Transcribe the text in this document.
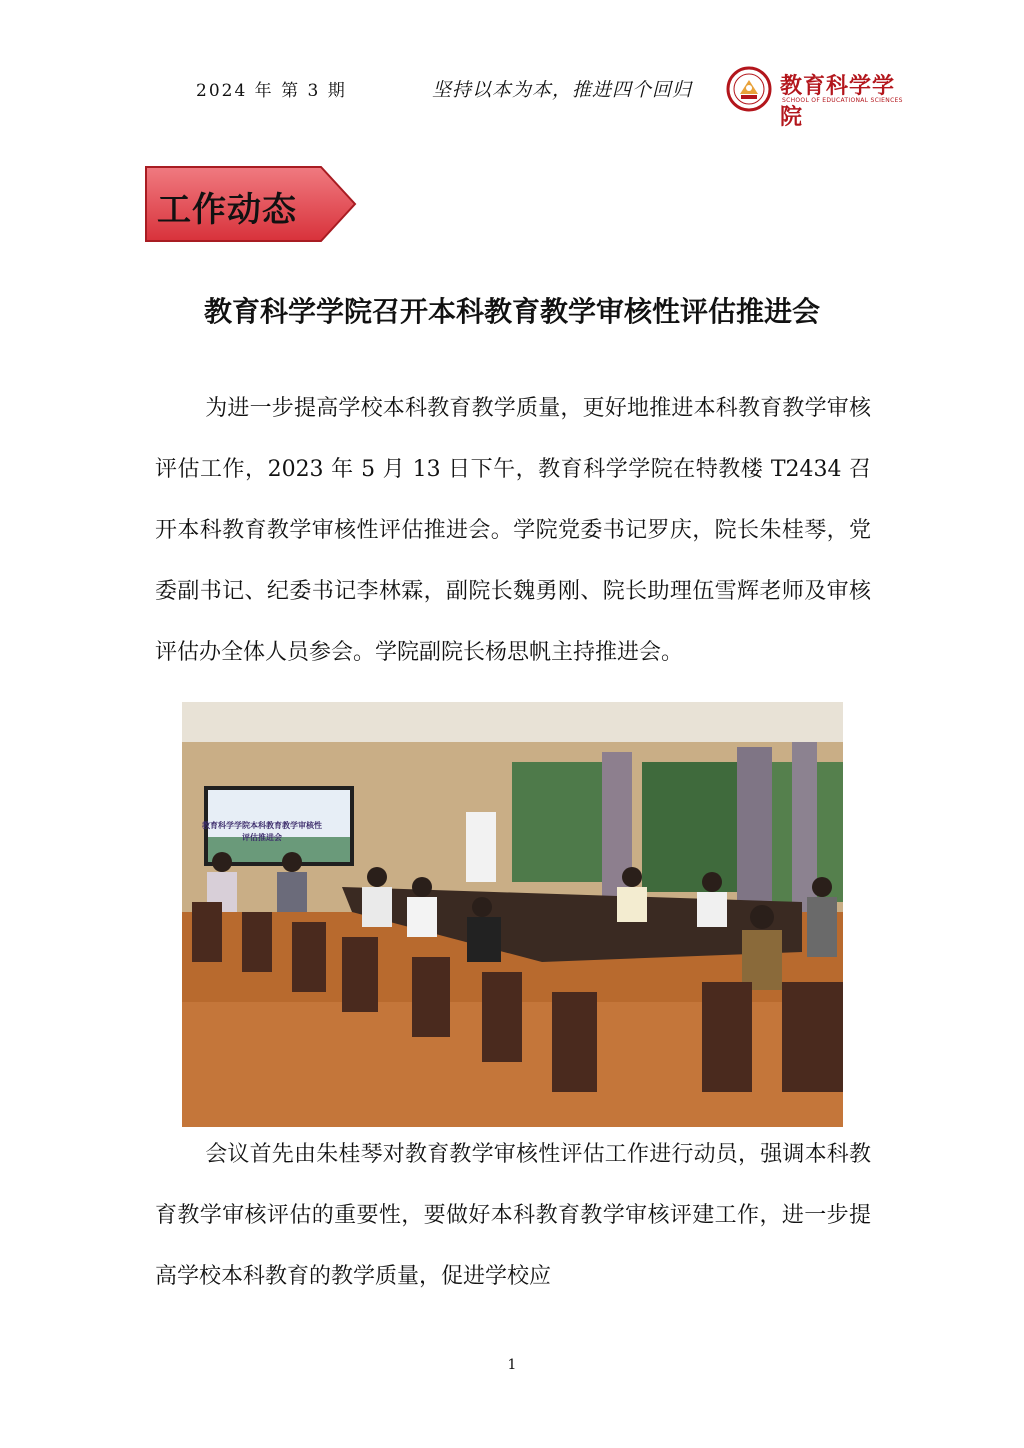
2024 年 第 3 期	坚持以本为本，推进四个回归	教育科学学院
SCHOOL OF EDUCATIONAL SCIENCES
工作动态
教育科学学院召开本科教育教学审核性评估推进会

为进一步提高学校本科教育教学质量，更好地推进本科教育教学审核评估工作，2023 年 5 月 13 日下午，教育科学学院在特教楼 T2434 召开本科教育教学审核性评估推进会。学院党委书记罗庆，院长朱桂琴，党委副书记、纪委书记李林霖，副院长魏勇刚、院长助理伍雪辉老师及审核评估办全体人员参会。学院副院长杨思帆主持推进会。

教育科学学院本科教育教学审核性评估推进会

会议首先由朱桂琴对教育教学审核性评估工作进行动员，强调本科教育教学审核评估的重要性，要做好本科教育教学审核评建工作，进一步提高学校本科教育的教学质量，促进学校应

1
